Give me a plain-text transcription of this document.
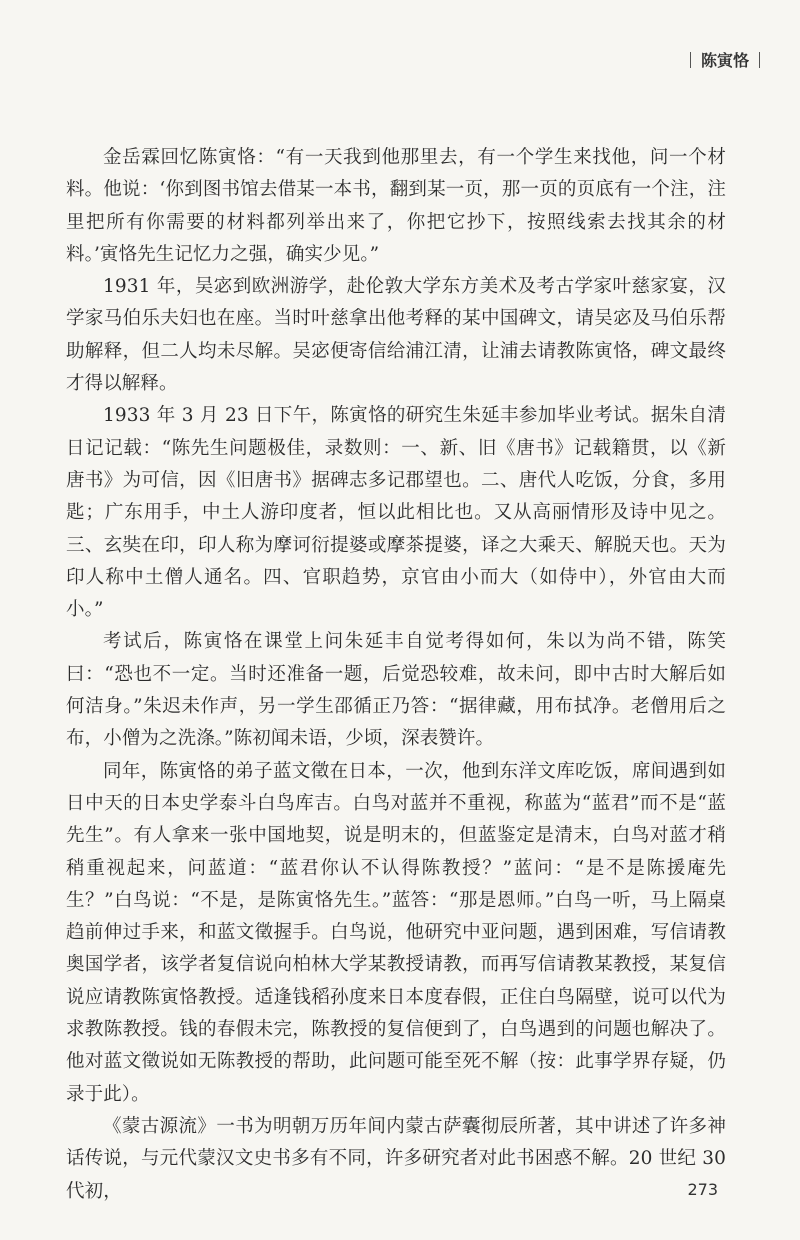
陈寅恪

金岳霖回忆陈寅恪：“有一天我到他那里去，有一个学生来找他，问一个材料。他说：‘你到图书馆去借某一本书，翻到某一页，那一页的页底有一个注，注里把所有你需要的材料都列举出来了，你把它抄下，按照线索去找其余的材料。’寅恪先生记忆力之强，确实少见。”

1931 年，吴宓到欧洲游学，赴伦敦大学东方美术及考古学家叶慈家宴，汉学家马伯乐夫妇也在座。当时叶慈拿出他考释的某中国碑文，请吴宓及马伯乐帮助解释，但二人均未尽解。吴宓便寄信给浦江清，让浦去请教陈寅恪，碑文最终才得以解释。

1933 年 3 月 23 日下午，陈寅恪的研究生朱延丰参加毕业考试。据朱自清日记记载：“陈先生问题极佳，录数则：一、新、旧《唐书》记载籍贯，以《新唐书》为可信，因《旧唐书》据碑志多记郡望也。二、唐代人吃饭，分食，多用匙；广东用手，中土人游印度者，恒以此相比也。又从高丽情形及诗中见之。三、玄奘在印，印人称为摩诃衍提婆或摩茶提婆，译之大乘天、解脱天也。天为印人称中土僧人通名。四、官职趋势，京官由小而大（如侍中），外官由大而小。”

考试后，陈寅恪在课堂上问朱延丰自觉考得如何，朱以为尚不错，陈笑曰：“恐也不一定。当时还准备一题，后觉恐较难，故未问，即中古时大解后如何洁身。”朱迟未作声，另一学生邵循正乃答：“据律藏，用布拭净。老僧用后之布，小僧为之洗涤。”陈初闻未语，少顷，深表赞许。

同年，陈寅恪的弟子蓝文徵在日本，一次，他到东洋文库吃饭，席间遇到如日中天的日本史学泰斗白鸟库吉。白鸟对蓝并不重视，称蓝为“蓝君”而不是“蓝先生”。有人拿来一张中国地契，说是明末的，但蓝鉴定是清末，白鸟对蓝才稍稍重视起来，问蓝道：“蓝君你认不认得陈教授？”蓝问：“是不是陈援庵先生？”白鸟说：“不是，是陈寅恪先生。”蓝答：“那是恩师。”白鸟一听，马上隔桌趋前伸过手来，和蓝文徵握手。白鸟说，他研究中亚问题，遇到困难，写信请教奥国学者，该学者复信说向柏林大学某教授请教，而再写信请教某教授，某复信说应请教陈寅恪教授。适逢钱稻孙度来日本度春假，正住白鸟隔壁，说可以代为求教陈教授。钱的春假未完，陈教授的复信便到了，白鸟遇到的问题也解决了。他对蓝文徵说如无陈教授的帮助，此问题可能至死不解（按：此事学界存疑，仍录于此）。

《蒙古源流》一书为明朝万历年间内蒙古萨囊彻辰所著，其中讲述了许多神话传说，与元代蒙汉文史书多有不同，许多研究者对此书困惑不解。20 世纪 30 代初，	273
